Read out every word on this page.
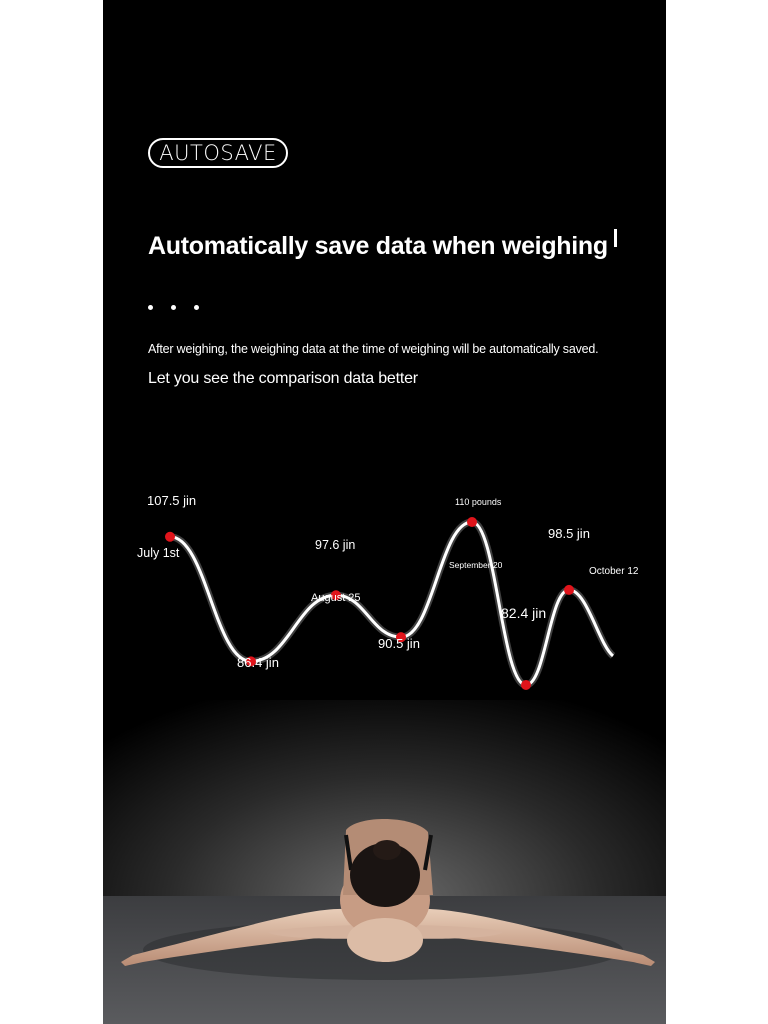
AUTOSAVE
Automatically save data when weighing
After weighing, the weighing data at the time of weighing will be automatically saved.
Let you see the comparison data better
107.5 jin
July 1st
86.4 jin
97.6 jin
August 25
90.5 jin
110 pounds
September 20
82.4 jin
98.5 jin
October 12
